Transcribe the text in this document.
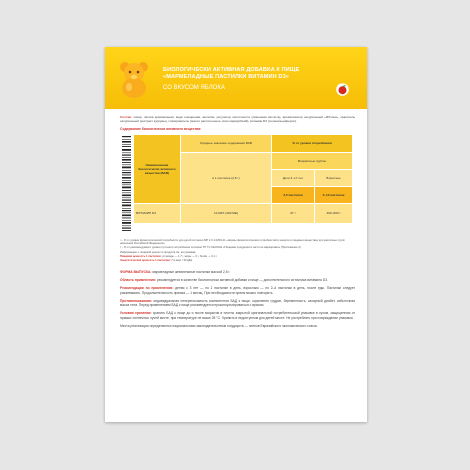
БИОЛОГИЧЕСКИ АКТИВНАЯ ДОБАВКА К ПИЩЕ
«МАРМЕЛАДНЫЕ ПАСТИЛКИ ВИТАМИН D3»
СО ВКУСОМ ЯБЛОКА

Состав: сахар, патока крахмальная, вода очищенная, желатин, регулятор кислотности (лимонная кислота), ароматизатор натуральный «Яблоко», краситель натуральный (экстракт куркумы), глазирователь (масло растительное, воск карнаубский), витамин D3 (холекальциферол).

Содержание биологически активного вещества:
Наименование биологически активного вещества (БАВ)	Среднее значение содержания БАВ	% от уровня потребления	
	в 1 пастилке (2,5 г)	Возрастные группы	
		Дети 3–17 лет	Взрослые
		2,5 пастилки	5–10 пастилок
ВИТАМИН D3	10 МКГ (400 МЕ)	67 ¹	400–800 ²

¹ – % от уровня физиологической потребности для детей согласно МР 2.3.1.0253-21 «Нормы физиологических потребностей в энергии и пищевых веществах для различных групп населения Российской Федерации».

² – % от рекомендуемого уровня суточного потребления согласно ТР ТС 022/2011 «Пищевая продукция в части ее маркировки» (Приложение 2).

Информацию о пищевой ценности продукта см. на упаковке.

Пищевая ценность 1 пастилки: углеводы — 1,7 г, жиры — 0 г, белки — 0,1 г.

Энергетическая ценность 1 пастилки: 7,2 ккал / 30 кДж.

ФОРМА ВЫПУСКА: мармеладные жевательные пастилки массой 2,5 г.

Область применения: рекомендуется в качестве биологически активной добавки к пище — дополнительного источника витамина D3.

Рекомендации по применению: детям с 3 лет — по 1 пастилке в день, взрослым — по 2–4 пастилки в день, после еды. Пастилки следует разжевывать. Продолжительность приема — 1 месяц. При необходимости прием можно повторить.

Противопоказания: индивидуальная непереносимость компонентов БАД к пище, кормление грудью, беременность, сахарный диабет, избыточная масса тела. Перед применением БАД к пище рекомендуется проконсультироваться с врачом.

Условия хранения: хранить БАД к пище до и после вскрытия в плотно закрытой оригинальной потребительской упаковке в сухом, защищенном от прямых солнечных лучей месте, при температуре не выше 25 °С. Хранить в недоступном для детей месте. Не употреблять при повреждении упаковки.

Места реализации определяются национальным законодательством государств — членов Евразийского экономического союза.
